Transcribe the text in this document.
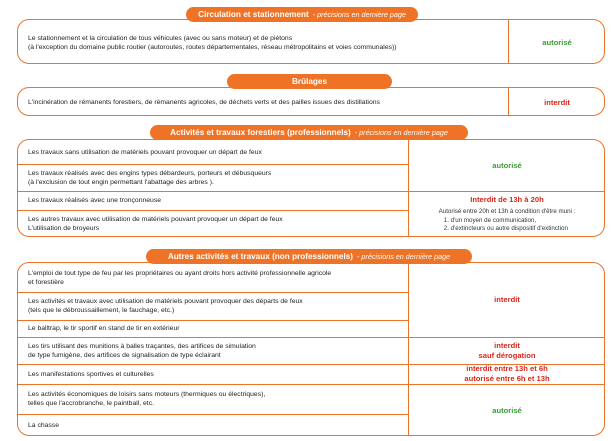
Circulation et stationnement - précisions en dernière page
Le stationnement et la circulation de tous véhicules (avec ou sans moteur) et de piétons
(à l'exception du domaine public routier (autoroutes, routes départementales, réseau métropolitains et voies communales))
autorisé
Brûlages
L'incinération de rémanents forestiers, de rémanents agricoles, de déchets verts et des pailles issues des distillations	interdit
Activités et travaux forestiers (professionnels) - précisions en dernière page
Les travaux sans utilisation de matériels pouvant provoquer un départ de feux
Les travaux réalisés avec des engins types débardeurs, porteurs et débusqueurs
(à l'exclusion de tout engin permettant l'abattage des arbres ).
Les travaux réalisés avec une tronçonneuse
Les autres travaux avec utilisation de matériels pouvant provoquer un départ de feux
L'utilisation de broyeurs
autorisé
Interdit de 13h à 20h
Autorisé entre 20h et 13h à condition d'être muni :
1. d'un moyen de communication,
2. d'extincteurs ou autre dispositif d'extinction
Autres activités et travaux (non professionnels) - précisions en dernière page
L'emploi de tout type de feu par les propriétaires ou ayant droits hors activité professionnelle agricole
et forestière
Les activités et travaux avec utilisation de matériels pouvant provoquer des départs de feux
(tels que le débroussaillement, le fauchage, etc.)
Le balltrap, le tir sportif en stand de tir en extérieur
Les tirs utilisant des munitions à balles traçantes, des artifices de simulation
de type fumigène, des artifices de signalisation de type éclairant
Les manifestations sportives et culturelles
Les activités économiques de loisirs sans moteurs (thermiques ou électriques),
telles que l'accrobranche, le paintball, etc.
La chasse
interdit
interdit
sauf dérogation
interdit entre 13h et 6h
autorisé entre 6h et 13h
autorisé
